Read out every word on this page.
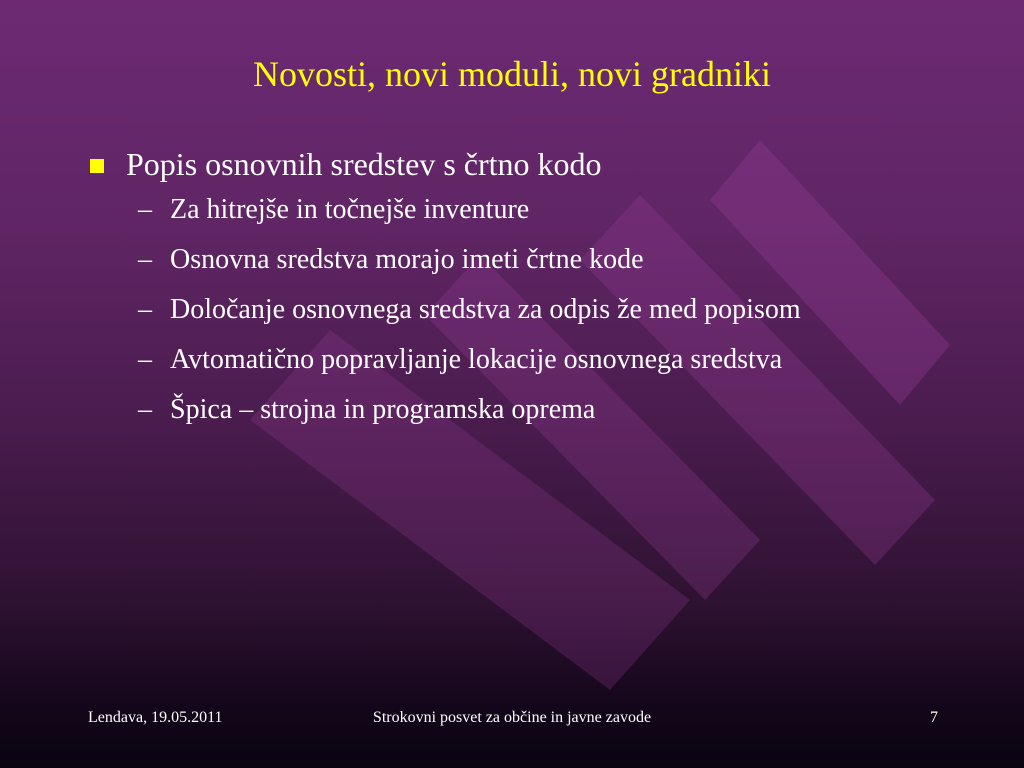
Novosti, novi moduli, novi gradniki
Popis osnovnih sredstev s črtno kodo
– Za hitrejše in točnejše inventure
– Osnovna sredstva morajo imeti črtne kode
– Določanje osnovnega sredstva za odpis že med popisom
– Avtomatično popravljanje lokacije osnovnega sredstva
– Špica – strojna in programska oprema
Lendava, 19.05.2011	Strokovni posvet za občine in javne zavode	7
